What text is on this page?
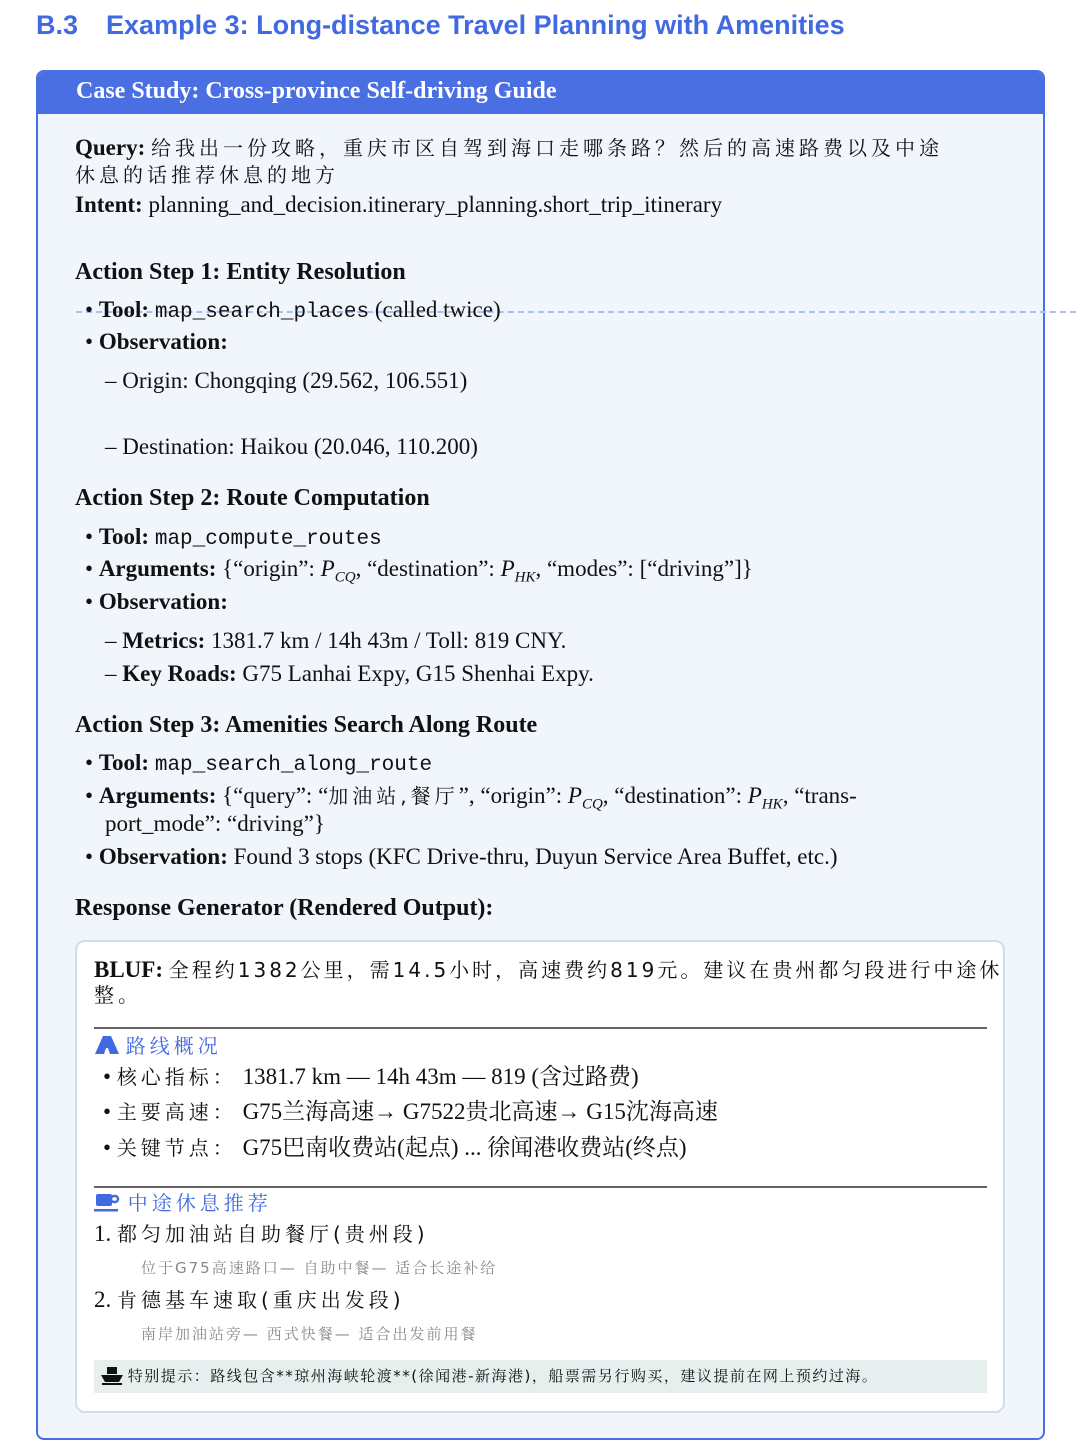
B.3 Example 3: Long-distance Travel Planning with Amenities
Case Study: Cross-province Self-driving Guide
Query: 给我出一份攻略，重庆市区自驾到海口走哪条路？然后的高速路费以及中途
休息的话推荐休息的地方
Intent: planning_and_decision.itinerary_planning.short_trip_itinerary
Action Step 1: Entity Resolution
• Tool: map_search_places (called twice)
• Observation:
– Origin: Chongqing (29.562, 106.551)
– Destination: Haikou (20.046, 110.200)
Action Step 2: Route Computation
• Tool: map_compute_routes
• Arguments: {“origin”: $P_{CQ}$, “destination”: $P_{HK}$, “modes”: [“driving”]}
• Observation:
– Metrics: 1381.7 km / 14h 43m / Toll: 819 CNY.
– Key Roads: G75 Lanhai Expy, G15 Shenhai Expy.
Action Step 3: Amenities Search Along Route
• Tool: map_search_along_route
• Arguments: {“query”: “加油站,餐厅”, “origin”: $P_{CQ}$, “destination”: $P_{HK}$, “trans-
port_mode”: “driving”}
• Observation: Found 3 stops (KFC Drive-thru, Duyun Service Area Buffet, etc.)
Response Generator (Rendered Output):
BLUF: 全程约1382公里，需14.5小时，高速费约819元。建议在贵州都匀段进行中途休
整。
路线概况
• 核心指标： 1381.7 km — 14h 43m — 819 (含过路费)
• 主要高速： G75兰海高速→ G7522贵北高速→ G15沈海高速
• 关键节点： G75巴南收费站(起点) ... 徐闻港收费站(终点)
中途休息推荐
1. 都匀加油站自助餐厅(贵州段)
位于G75高速路口— 自助中餐— 适合长途补给
2. 肯德基车速取(重庆出发段)
南岸加油站旁— 西式快餐— 适合出发前用餐
特别提示：路线包含**琼州海峡轮渡**(徐闻港-新海港)，船票需另行购买，建议提前在网上预约过海。
